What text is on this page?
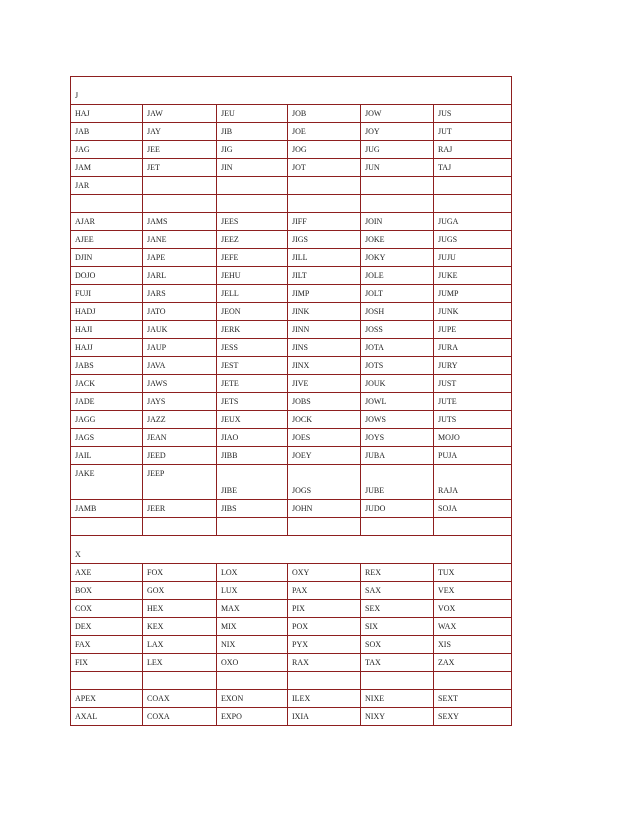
J					
HAJ	JAW	JEU	JOB	JOW	JUS
JAB	JAY	JIB	JOE	JOY	JUT
JAG	JEE	JIG	JOG	JUG	RAJ
JAM	JET	JIN	JOT	JUN	TAJ
JAR					

AJAR	JAMS	JEES	JIFF	JOIN	JUGA
AJEE	JANE	JEEZ	JIGS	JOKE	JUGS
DJIN	JAPE	JEFE	JILL	JOKY	JUJU
DOJO	JARL	JEHU	JILT	JOLE	JUKE
FUJI	JARS	JELL	JIMP	JOLT	JUMP
HADJ	JATO	JEON	JINK	JOSH	JUNK
HAJI	JAUK	JERK	JINN	JOSS	JUPE
HAJJ	JAUP	JESS	JINS	JOTA	JURA
JABS	JAVA	JEST	JINX	JOTS	JURY
JACK	JAWS	JETE	JIVE	JOUK	JUST
JADE	JAYS	JETS	JOBS	JOWL	JUTE
JAGG	JAZZ	JEUX	JOCK	JOWS	JUTS
JAGS	JEAN	JIAO	JOES	JOYS	MOJO
JAIL	JEED	JIBB	JOEY	JUBA	PUJA
JAKE	JEEP	JIBE	JOGS	JUBE	RAJA
JAMB	JEER	JIBS	JOHN	JUDO	SOJA

X					
AXE	FOX	LOX	OXY	REX	TUX
BOX	GOX	LUX	PAX	SAX	VEX
COX	HEX	MAX	PIX	SEX	VOX
DEX	KEX	MIX	POX	SIX	WAX
FAX	LAX	NIX	PYX	SOX	XIS
FIX	LEX	OXO	RAX	TAX	ZAX

APEX	COAX	EXON	ILEX	NIXE	SEXT
AXAL	COXA	EXPO	IXIA	NIXY	SEXY
